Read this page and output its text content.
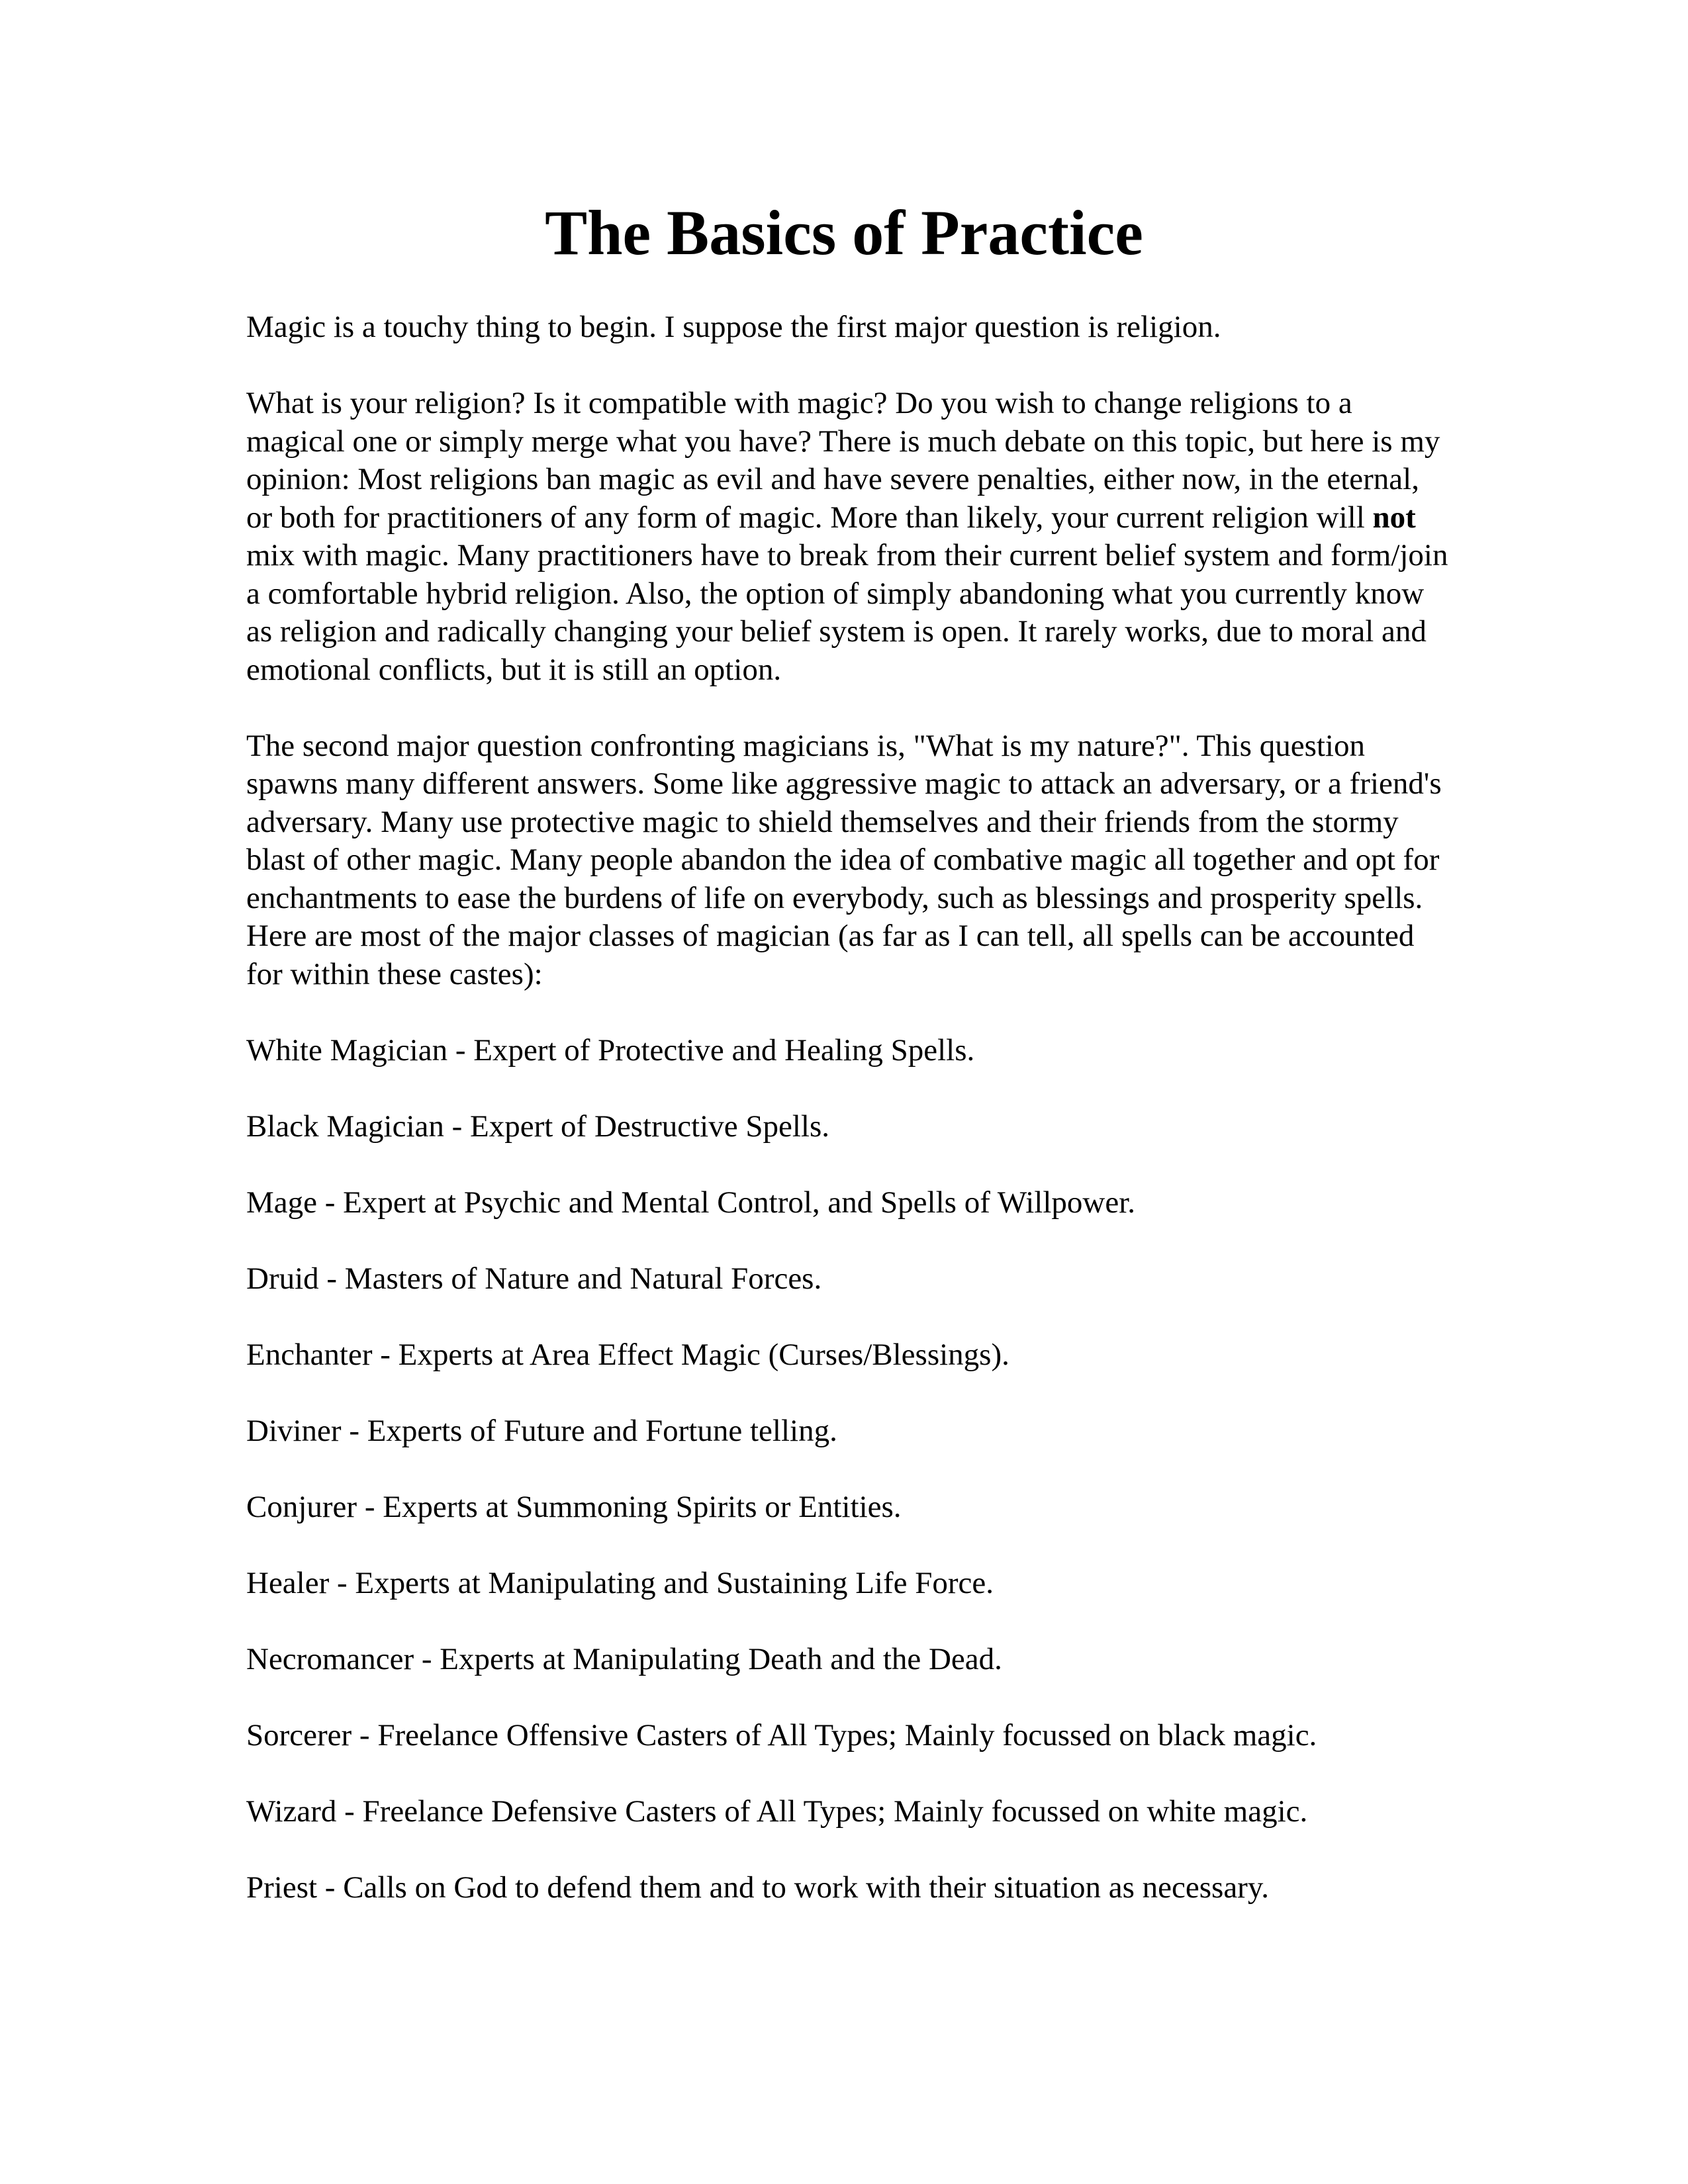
The Basics of Practice

Magic is a touchy thing to begin. I suppose the first major question is religion.

What is your religion? Is it compatible with magic? Do you wish to change religions to a magical one or simply merge what you have? There is much debate on this topic, but here is my opinion: Most religions ban magic as evil and have severe penalties, either now, in the eternal, or both for practitioners of any form of magic. More than likely, your current religion will not mix with magic. Many practitioners have to break from their current belief system and form/join a comfortable hybrid religion. Also, the option of simply abandoning what you currently know as religion and radically changing your belief system is open. It rarely works, due to moral and emotional conflicts, but it is still an option.

The second major question confronting magicians is, "What is my nature?". This question spawns many different answers. Some like aggressive magic to attack an adversary, or a friend's adversary. Many use protective magic to shield themselves and their friends from the stormy blast of other magic. Many people abandon the idea of combative magic all together and opt for enchantments to ease the burdens of life on everybody, such as blessings and prosperity spells. Here are most of the major classes of magician (as far as I can tell, all spells can be accounted for within these castes):

White Magician - Expert of Protective and Healing Spells.
Black Magician - Expert of Destructive Spells.
Mage - Expert at Psychic and Mental Control, and Spells of Willpower.
Druid - Masters of Nature and Natural Forces.
Enchanter - Experts at Area Effect Magic (Curses/Blessings).
Diviner - Experts of Future and Fortune telling.
Conjurer - Experts at Summoning Spirits or Entities.
Healer - Experts at Manipulating and Sustaining Life Force.
Necromancer - Experts at Manipulating Death and the Dead.
Sorcerer - Freelance Offensive Casters of All Types; Mainly focussed on black magic.
Wizard - Freelance Defensive Casters of All Types; Mainly focussed on white magic.
Priest - Calls on God to defend them and to work with their situation as necessary.
